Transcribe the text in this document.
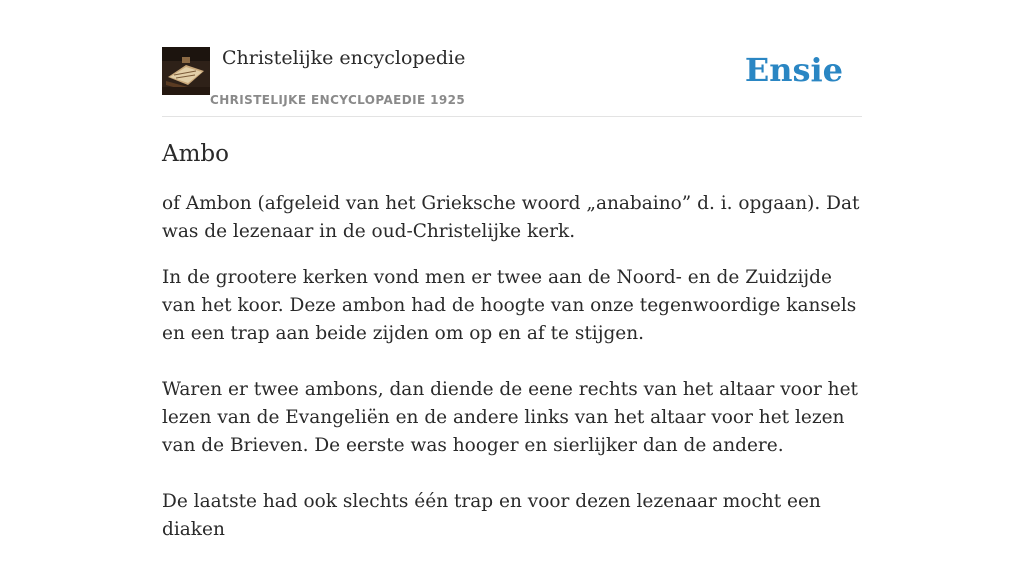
Christelijke encyclopedie
CHRISTELIJKE ENCYCLOPAEDIE 1925
Ensie
Ambo

of Ambon (afgeleid van het Grieksche woord „anabaino” d. i. opgaan). Dat was de lezenaar in de oud-Christelijke kerk.

In de grootere kerken vond men er twee aan de Noord- en de Zuidzijde van het koor. Deze ambon had de hoogte van onze tegenwoordige kansels en een trap aan beide zijden om op en af te stijgen.

Waren er twee ambons, dan diende de eene rechts van het altaar voor het lezen van de Evangeliën en de andere links van het altaar voor het lezen van de Brieven. De eerste was hooger en sierlijker dan de andere.

De laatste had ook slechts één trap en voor dezen lezenaar mocht een diaken
